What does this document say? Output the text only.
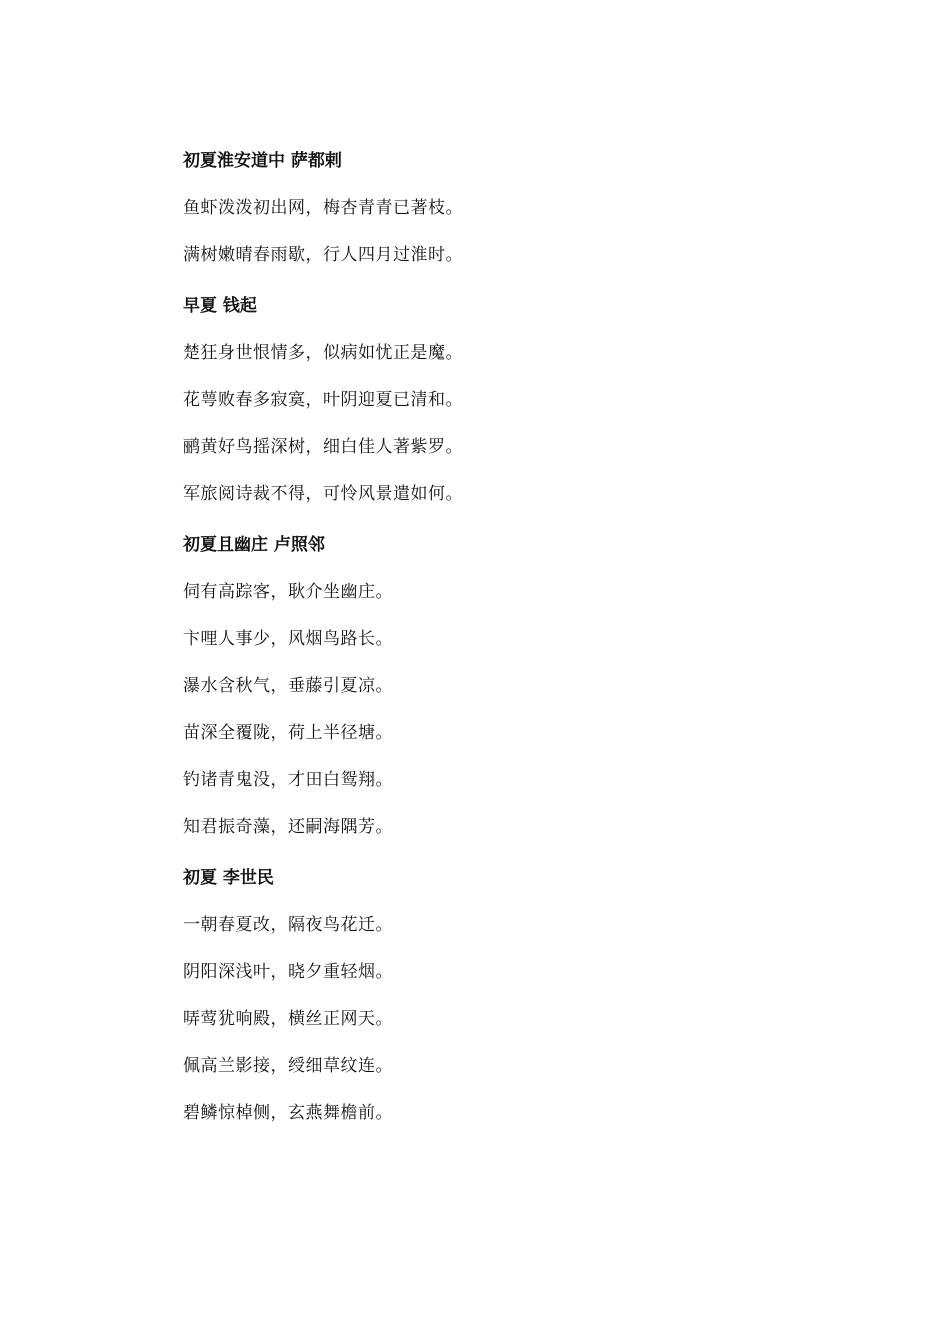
初夏淮安道中 萨都剌
鱼虾泼泼初出网，梅杏青青已著枝。
满树嫩晴春雨歇，行人四月过淮时。
早夏 钱起
楚狂身世恨情多，似病如忧正是魔。
花萼败春多寂寞，叶阴迎夏已清和。
鹂黄好鸟摇深树，细白佳人著紫罗。
军旅阅诗裁不得，可怜风景遣如何。
初夏且幽庄 卢照邻
伺有高踪客，耿介坐幽庄。
卞哩人事少，风烟鸟路长。
瀑水含秋气，垂藤引夏凉。
苗深全覆陇，荷上半径塘。
钓诸青鬼没，才田白鸳翔。
知君振奇藻，还嗣海隅芳。
初夏 李世民
一朝春夏改，隔夜鸟花迁。
阴阳深浅叶，晓夕重轻烟。
哢莺犹响殿，横丝正网天。
佩高兰影接，绶细草纹连。
碧鳞惊棹侧，玄燕舞檐前。
